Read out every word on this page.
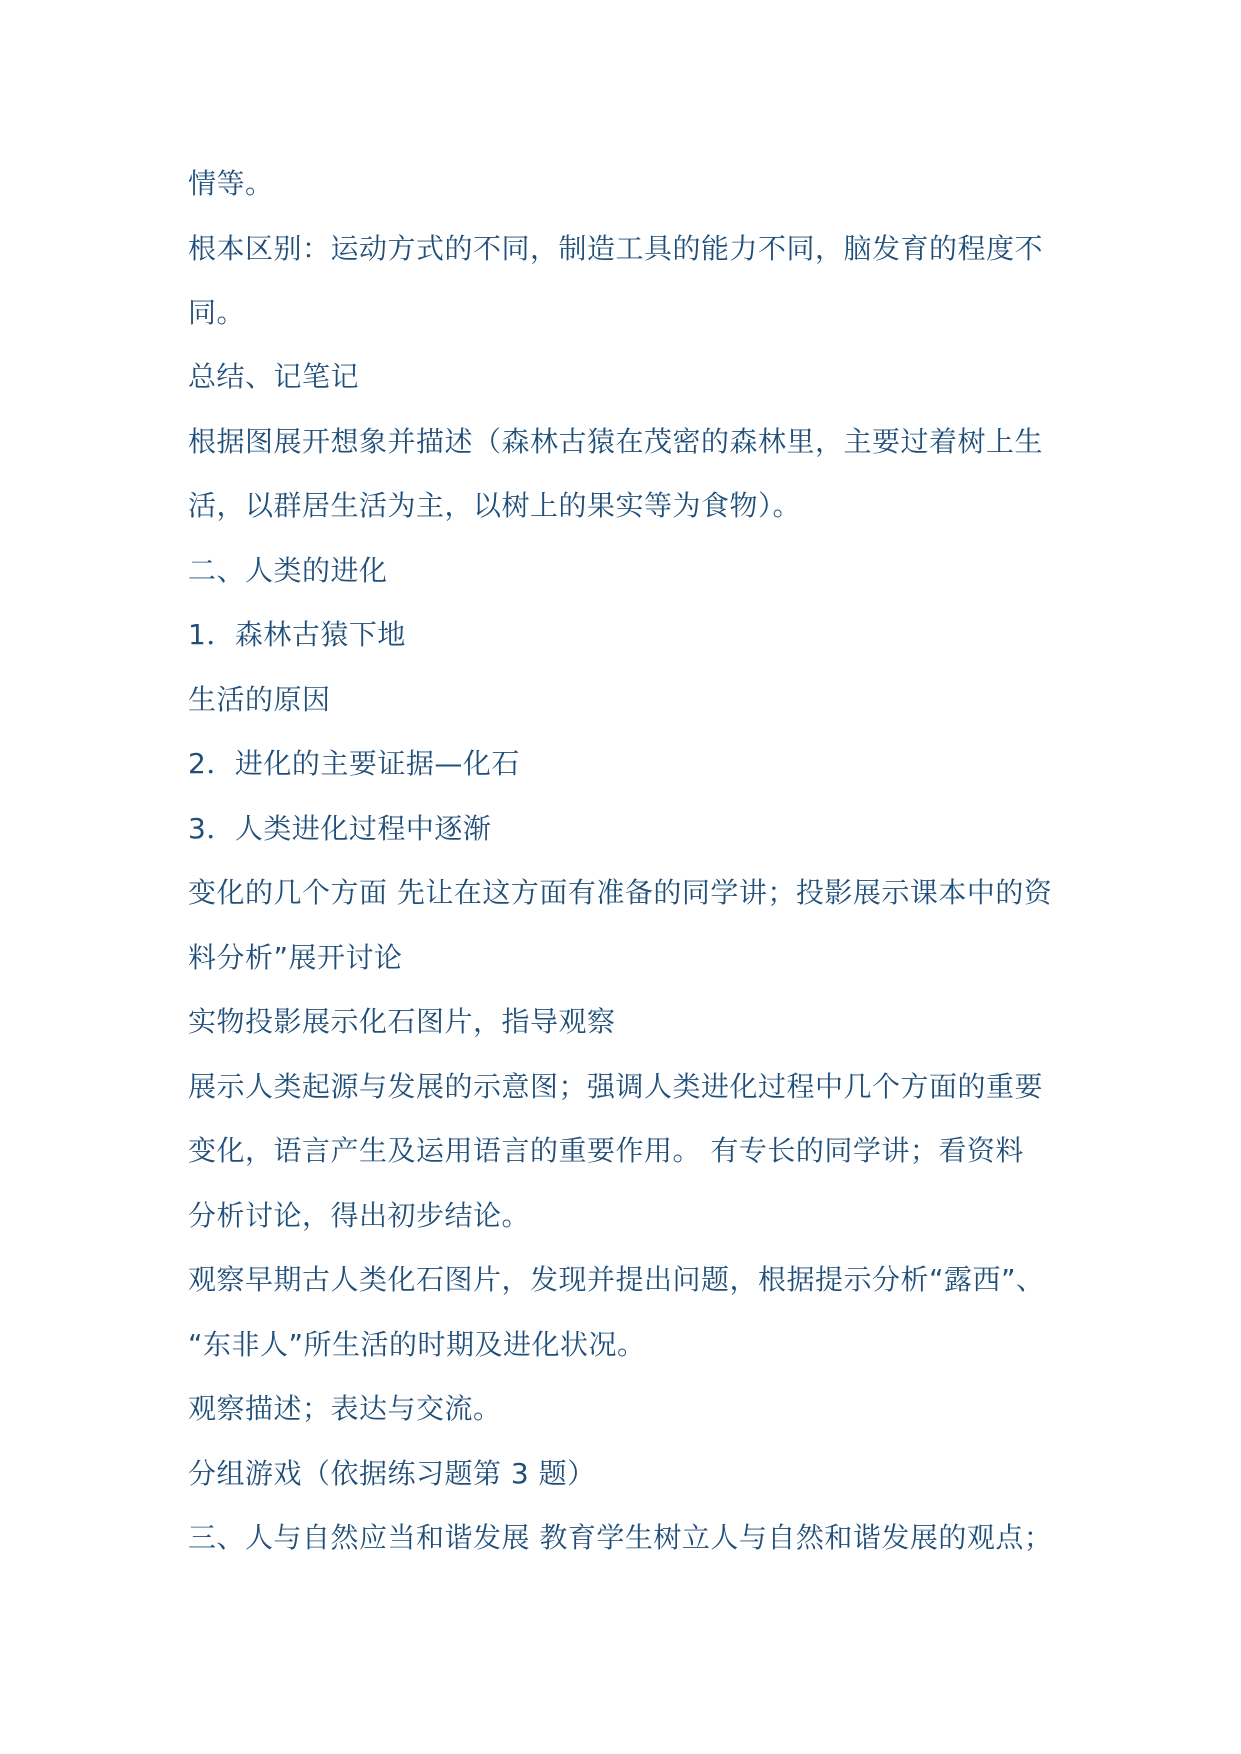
情等。
根本区别：运动方式的不同，制造工具的能力不同，脑发育的程度不
同。
总结、记笔记
根据图展开想象并描述（森林古猿在茂密的森林里，主要过着树上生
活，以群居生活为主，以树上的果实等为食物）。
二、人类的进化
1．森林古猿下地
生活的原因
2．进化的主要证据—化石
3．人类进化过程中逐渐
变化的几个方面 先让在这方面有准备的同学讲；投影展示课本中的资
料分析”展开讨论
实物投影展示化石图片，指导观察
展示人类起源与发展的示意图；强调人类进化过程中几个方面的重要
变化，语言产生及运用语言的重要作用。 有专长的同学讲；看资料
分析讨论，得出初步结论。
观察早期古人类化石图片，发现并提出问题，根据提示分析“露西”、
“东非人”所生活的时期及进化状况。
观察描述；表达与交流。
分组游戏（依据练习题第 3 题）
三、人与自然应当和谐发展 教育学生树立人与自然和谐发展的观点；
